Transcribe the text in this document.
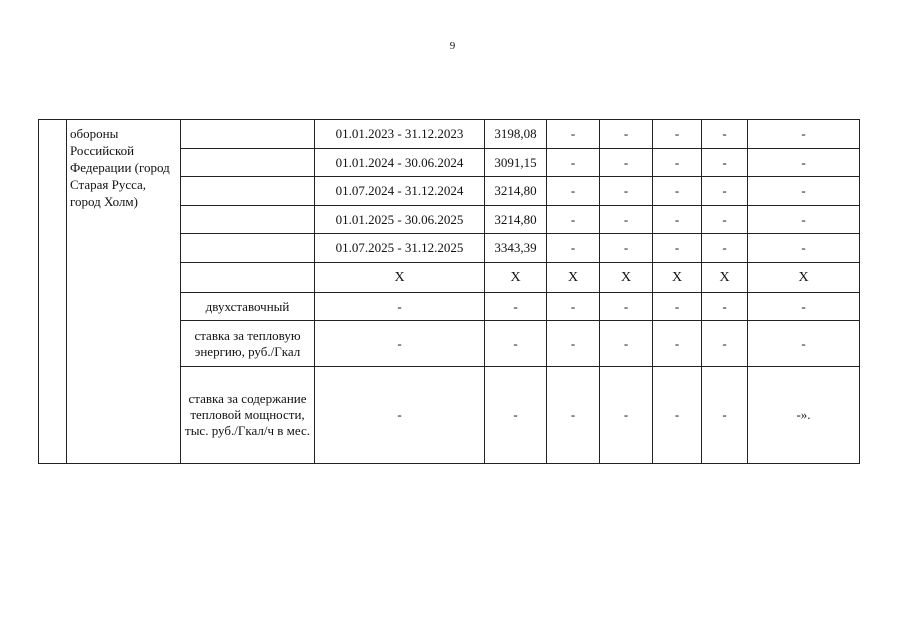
9
	обороны Российской Федерации (город Старая Русса, город Холм)		01.01.2023 - 31.12.2023	3198,08	-	-	-	-	-
			01.01.2024 - 30.06.2024	3091,15	-	-	-	-	-
			01.07.2024 - 31.12.2024	3214,80	-	-	-	-	-
			01.01.2025 - 30.06.2025	3214,80	-	-	-	-	-
			01.07.2025 - 31.12.2025	3343,39	-	-	-	-	-
			X	X	X	X	X	X	X
		двухставочный	-	-	-	-	-	-	-
		ставка за тепловую энергию, руб./Гкал	-	-	-	-	-	-	-
		ставка за содержание тепловой мощности, тыс. руб./Гкал/ч в мес.	-	-	-	-	-	-	-».
